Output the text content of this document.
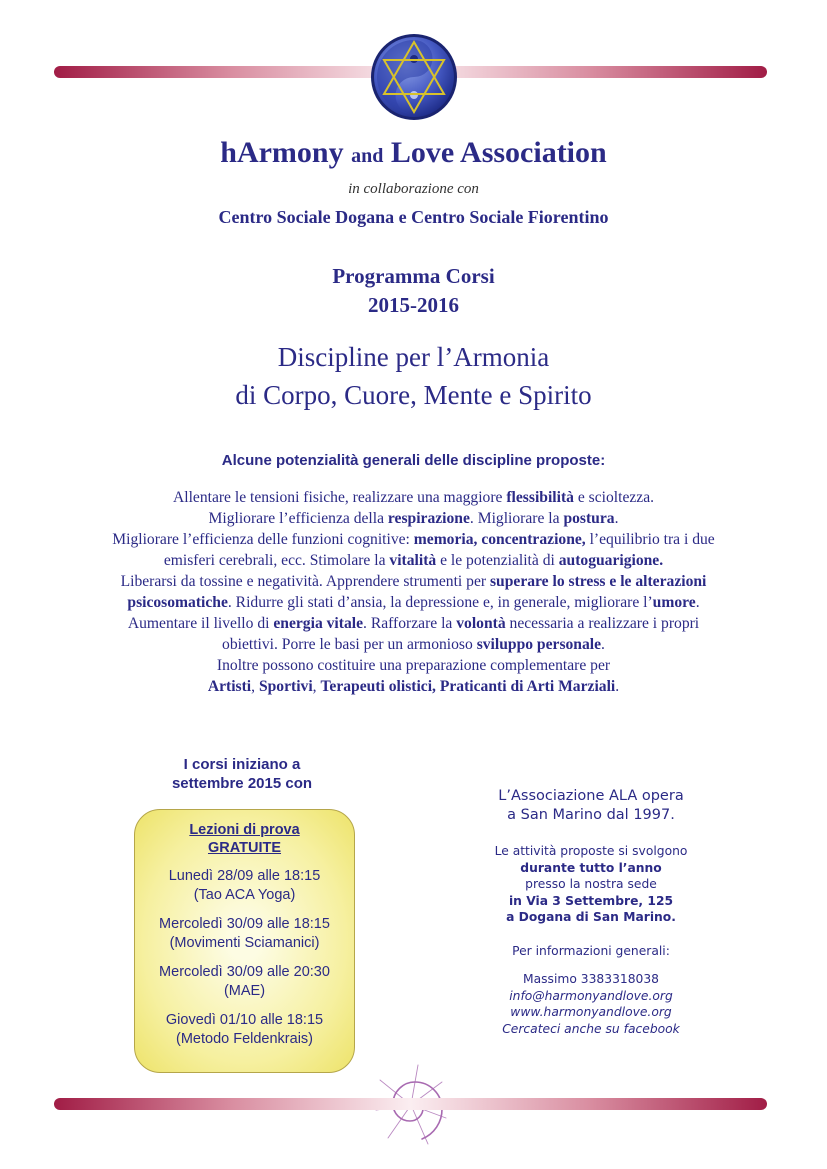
hArmony and Love Association
in collaborazione con
Centro Sociale Dogana e Centro Sociale Fiorentino
Programma Corsi
2015-2016
Discipline per l’Armonia
di Corpo, Cuore, Mente e Spirito
Alcune potenzialità generali delle discipline proposte:
Allentare le tensioni fisiche, realizzare una maggiore flessibilità e scioltezza.
Migliorare l’efficienza della respirazione. Migliorare la postura.
Migliorare l’efficienza delle funzioni cognitive: memoria, concentrazione, l’equilibrio tra i due
emisferi cerebrali, ecc. Stimolare la vitalità e le potenzialità di autoguarigione.
Liberarsi da tossine e negatività. Apprendere strumenti per superare lo stress e le alterazioni
psicosomatiche. Ridurre gli stati d’ansia, la depressione e, in generale, migliorare l’umore.
Aumentare il livello di energia vitale. Rafforzare la volontà necessaria a realizzare i propri
obiettivi. Porre le basi per un armonioso sviluppo personale.
Inoltre possono costituire una preparazione complementare per
Artisti, Sportivi, Terapeuti olistici, Praticanti di Arti Marziali.
I corsi iniziano a
settembre 2015 con
Lezioni di prova
GRATUITE
Lunedì 28/09 alle 18:15
(Tao ACA Yoga)
Mercoledì 30/09 alle 18:15
(Movimenti Sciamanici)
Mercoledì 30/09 alle 20:30
(MAE)
Giovedì 01/10 alle 18:15
(Metodo Feldenkrais)
L’Associazione ALA opera
a San Marino dal 1997.
Le attività proposte si svolgono
durante tutto l’anno
presso la nostra sede
in Via 3 Settembre, 125
a Dogana di San Marino.
Per informazioni generali:
Massimo 3383318038
info@harmonyandlove.org
www.harmonyandlove.org
Cercateci anche su facebook
